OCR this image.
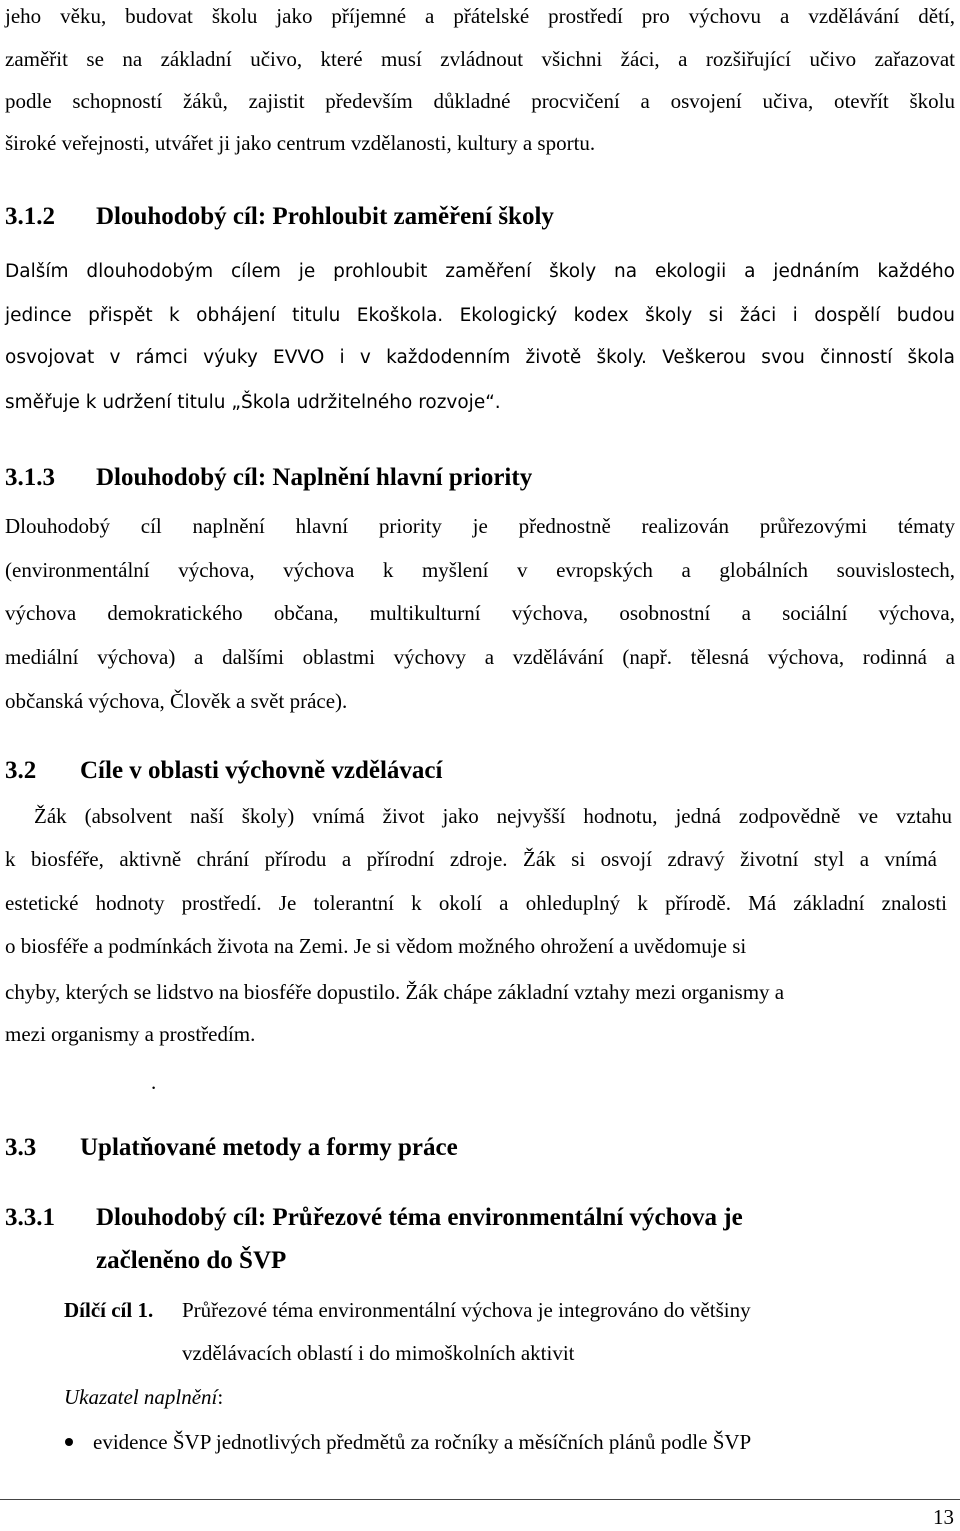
jeho věku, budovat školu jako příjemné a přátelské prostředí pro výchovu a vzdělávání dětí,
zaměřit se na základní učivo, které musí zvládnout všichni žáci, a rozšiřující učivo zařazovat
podle schopností žáků, zajistit především důkladné procvičení a osvojení učiva, otevřít školu
široké veřejnosti, utvářet ji jako centrum vzdělanosti, kultury a sportu.
3.1.2 Dlouhodobý cíl: Prohloubit zaměření školy
Dalším dlouhodobým cílem je prohloubit zaměření školy na ekologii a jednáním každého
jedince přispět k obhájení titulu Ekoškola. Ekologický kodex školy si žáci i dospělí budou
osvojovat v rámci výuky EVVO i v každodenním životě školy. Veškerou svou činností škola
směřuje k udržení titulu „Škola udržitelného rozvoje“.
3.1.3 Dlouhodobý cíl: Naplnění hlavní priority
Dlouhodobý cíl naplnění hlavní priority je přednostně realizován průřezovými tématy
(environmentální výchova, výchova k myšlení v evropských a globálních souvislostech,
výchova demokratického občana, multikulturní výchova, osobnostní a sociální výchova,
mediální výchova) a dalšími oblastmi výchovy a vzdělávání (např. tělesná výchova, rodinná a
občanská výchova, Člověk a svět práce).
3.2 Cíle v oblasti výchovně vzdělávací
Žák (absolvent naší školy) vnímá život jako nejvyšší hodnotu, jedná zodpovědně ve vztahu
k biosféře, aktivně chrání přírodu a přírodní zdroje. Žák si osvojí zdravý životní styl a vnímá
estetické hodnoty prostředí. Je tolerantní k okolí a ohleduplný k přírodě. Má základní znalosti
o biosféře a podmínkách života na Zemi. Je si vědom možného ohrožení a uvědomuje si
chyby, kterých se lidstvo na biosféře dopustilo. Žák chápe základní vztahy mezi organismy a
mezi organismy a prostředím.
.
3.3 Uplatňované metody a formy práce
3.3.1 Dlouhodobý cíl: Průřezové téma environmentální výchova je
začleněno do ŠVP
Dílčí cíl 1. Průřezové téma environmentální výchova je integrováno do většiny
vzdělávacích oblastí i do mimoškolních aktivit
Ukazatel naplnění:
evidence ŠVP jednotlivých předmětů za ročníky a měsíčních plánů podle ŠVP
13
